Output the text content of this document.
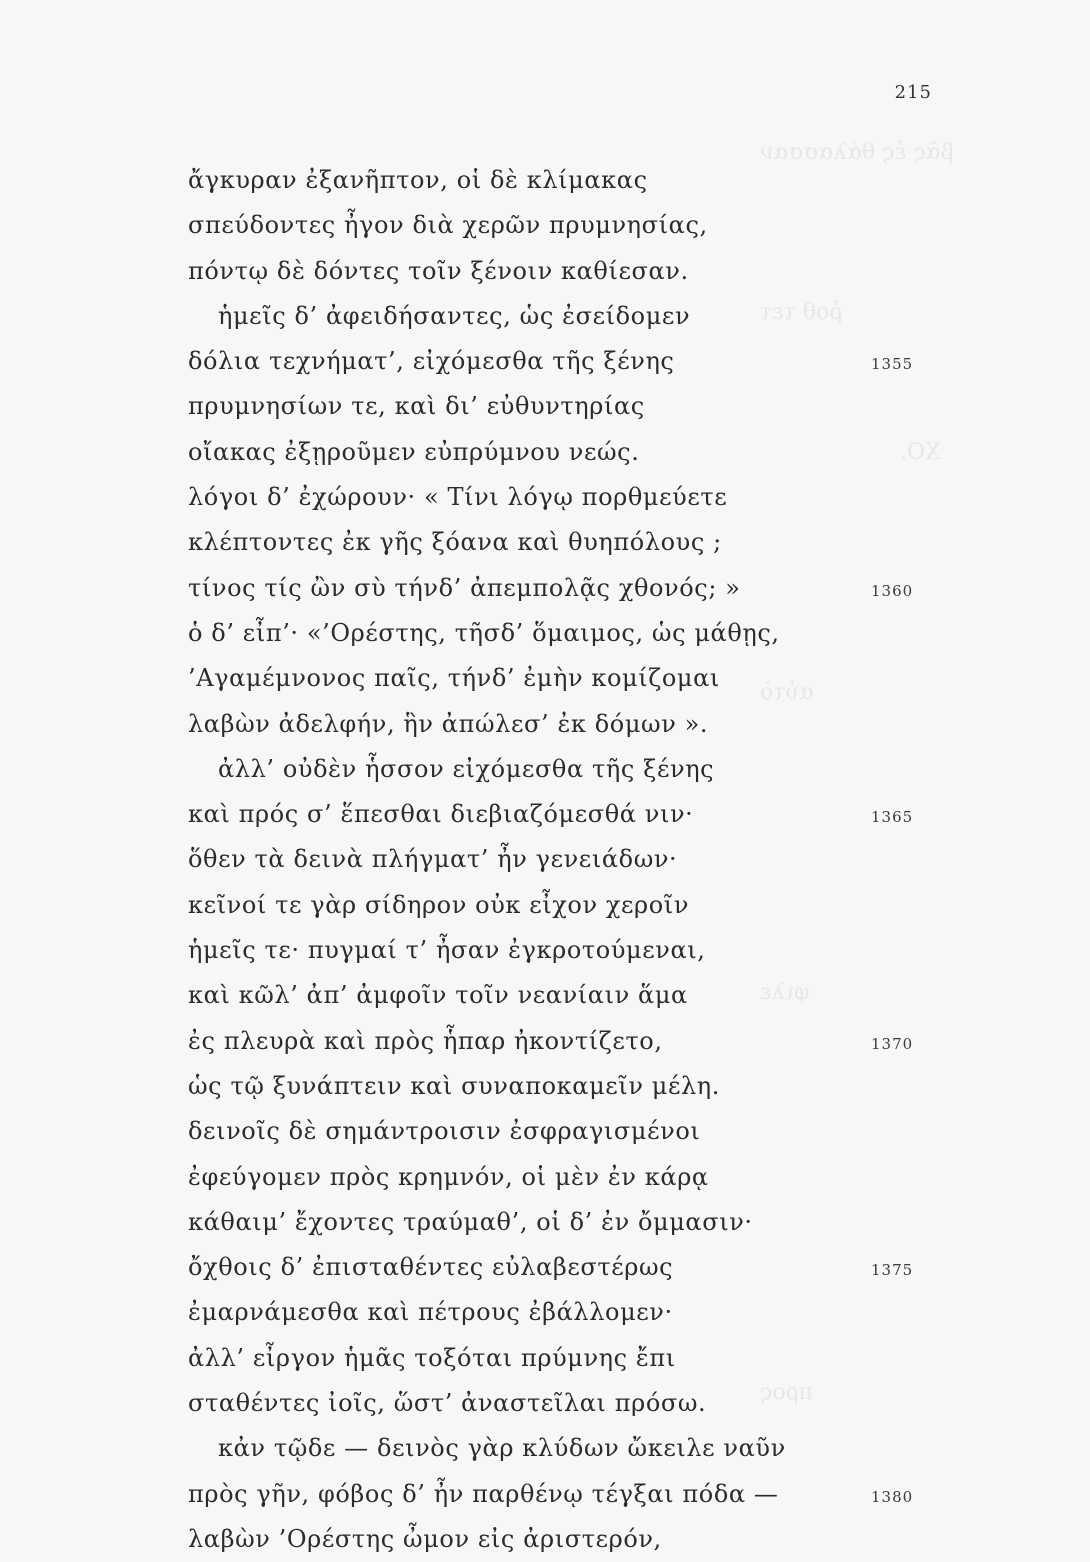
βᾶς ἐς θάλασσαν
ῥοθ τετ
ΧΟ.
αὐτὸ
φιλε
προς
215
ἄγκυραν ἐξανῆπτον, οἱ δὲ κλίμακας
σπεύδοντες ἦγον διὰ χερῶν πρυμνησίας,
πόντῳ δὲ δόντες τοῖν ξένοιν καθίεσαν.
ἡμεῖς δ’ ἀφειδήσαντες, ὡς ἐσείδομεν
δόλια τεχνήματ’, εἰχόμεσθα τῆς ξένης	1355
πρυμνησίων τε, καὶ δι’ εὐθυντηρίας
οἴακας ἐξῃροῦμεν εὐπρύμνου νεώς.
λόγοι δ’ ἐχώρουν· « Τίνι λόγῳ πορθμεύετε
κλέπτοντες ἐκ γῆς ξόανα καὶ θυηπόλους ;
τίνος τίς ὢν σὺ τήνδ’ ἀπεμπολᾷς χθονός; »	1360
ὁ δ’ εἶπ’· «’Ορέστης, τῆσδ’ ὅμαιμος, ὡς μάθῃς,
’Αγαμέμνονος παῖς, τήνδ’ ἐμὴν κομίζομαι
λαβὼν ἀδελφήν, ἣν ἀπώλεσ’ ἐκ δόμων ».
ἀλλ’ οὐδὲν ἧσσον εἰχόμεσθα τῆς ξένης
καὶ πρός σ’ ἕπεσθαι διεβιαζόμεσθά νιν·	1365
ὅθεν τὰ δεινὰ πλήγματ’ ἦν γενειάδων·
κεῖνοί τε γὰρ σίδηρον οὐκ εἶχον χεροῖν
ἡμεῖς τε· πυγμαί τ’ ἦσαν ἐγκροτούμεναι,
καὶ κῶλ’ ἀπ’ ἀμφοῖν τοῖν νεανίαιν ἅμα
ἐς πλευρὰ καὶ πρὸς ἧπαρ ἠκοντίζετο,	1370
ὡς τῷ ξυνάπτειν καὶ συναποκαμεῖν μέλη.
δεινοῖς δὲ σημάντροισιν ἐσφραγισμένοι
ἐφεύγομεν πρὸς κρημνόν, οἱ μὲν ἐν κάρᾳ
κάθαιμ’ ἔχοντες τραύμαθ’, οἱ δ’ ἐν ὄμμασιν·
ὄχθοις δ’ ἐπισταθέντες εὐλαβεστέρως	1375
ἐμαρνάμεσθα καὶ πέτρους ἐβάλλομεν·
ἀλλ’ εἶργον ἡμᾶς τοξόται πρύμνης ἔπι
σταθέντες ἰοῖς, ὥστ’ ἀναστεῖλαι πρόσω.
κἀν τῷδε — δεινὸς γὰρ κλύδων ὤκειλε ναῦν
πρὸς γῆν, φόβος δ’ ἦν παρθένῳ τέγξαι πόδα —	1380
λαβὼν ’Ορέστης ὦμον εἰς ἀριστερόν,
